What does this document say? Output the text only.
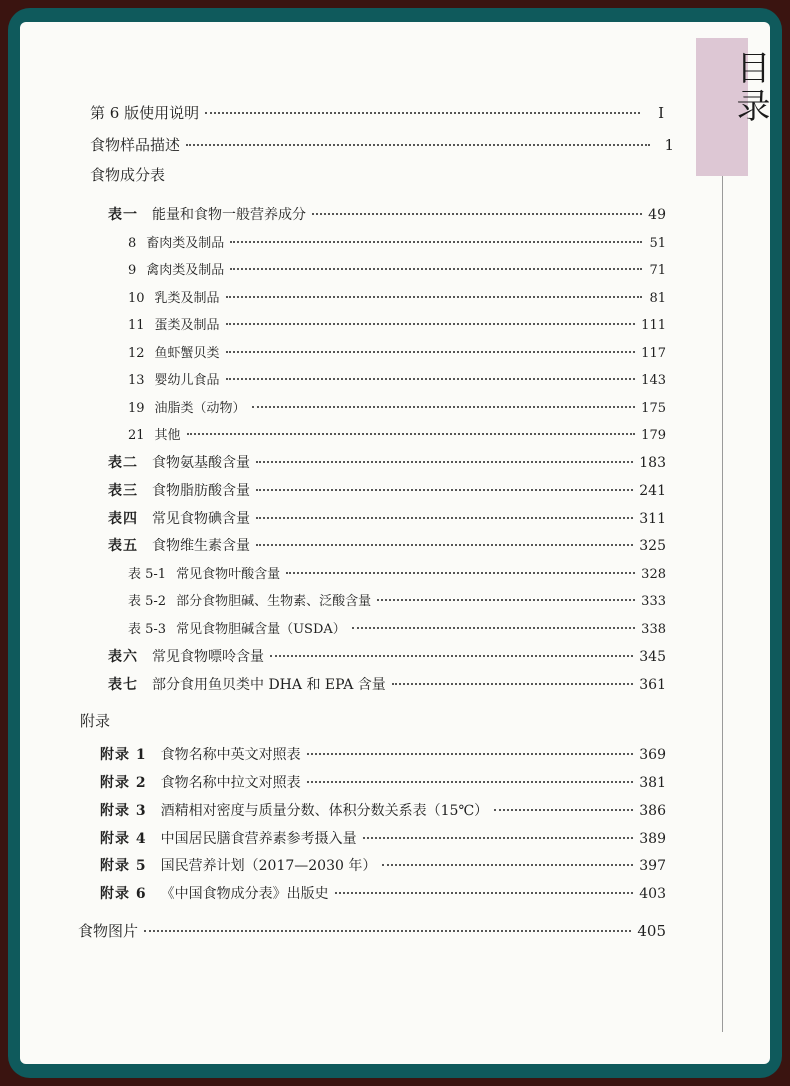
目录
第 6 版使用说明	I
食物样品描述	1
食物成分表
表一 能量和食物一般营养成分	49
8 畜肉类及制品	51
9 禽肉类及制品	71
10 乳类及制品	81
11 蛋类及制品	111
12 鱼虾蟹贝类	117
13 婴幼儿食品	143
19 油脂类（动物）	175
21 其他	179
表二 食物氨基酸含量	183
表三 食物脂肪酸含量	241
表四 常见食物碘含量	311
表五 食物维生素含量	325
表 5-1 常见食物叶酸含量	328
表 5-2 部分食物胆碱、生物素、泛酸含量	333
表 5-3 常见食物胆碱含量（USDA）	338
表六 常见食物嘌呤含量	345
表七 部分食用鱼贝类中 DHA 和 EPA 含量	361
附录
附录 1 食物名称中英文对照表	369
附录 2 食物名称中拉文对照表	381
附录 3 酒精相对密度与质量分数、体积分数关系表（15℃）	386
附录 4 中国居民膳食营养素参考摄入量	389
附录 5 国民营养计划（2017—2030 年）	397
附录 6 《中国食物成分表》出版史	403
食物图片	405
